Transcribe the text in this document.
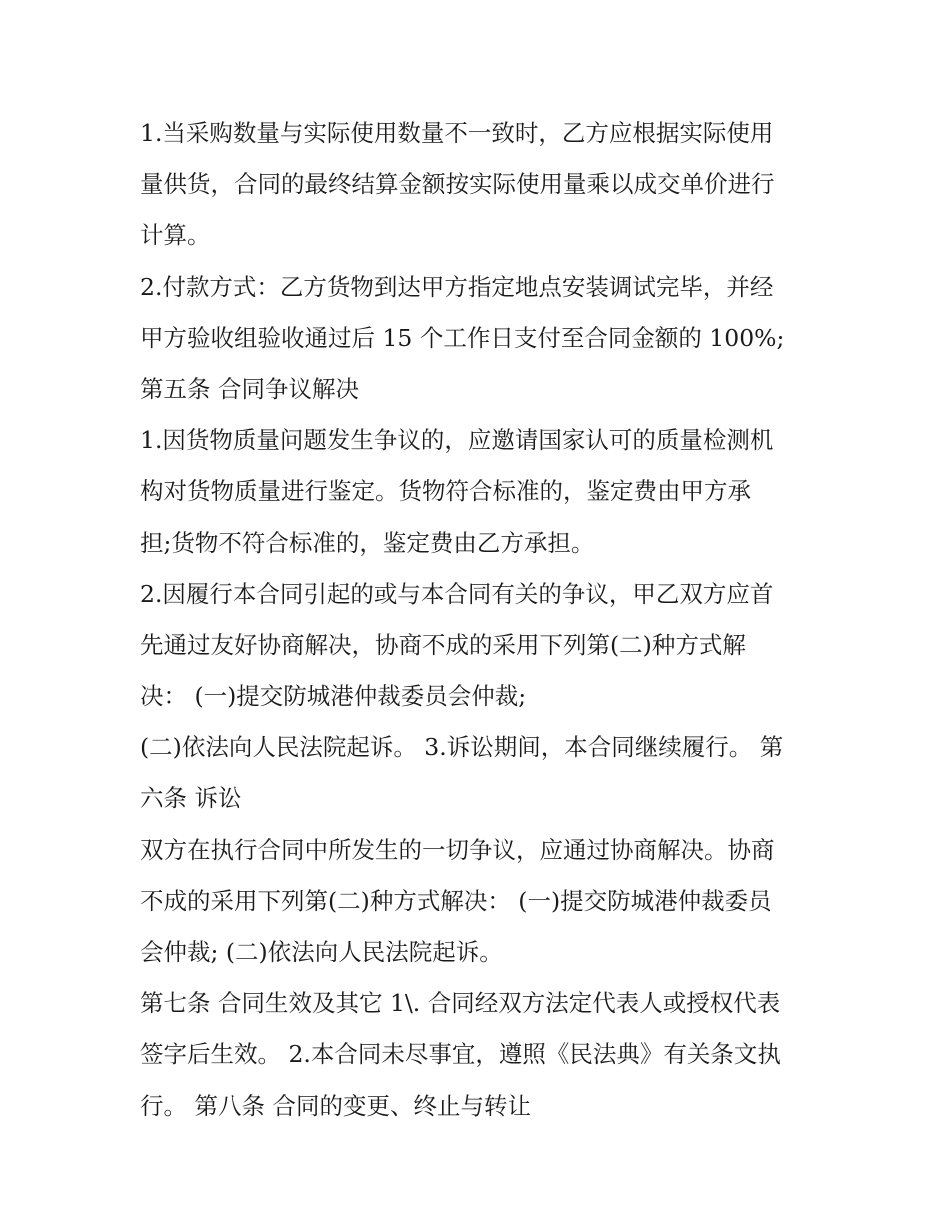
1.当采购数量与实际使用数量不一致时，乙方应根据实际使用

量供货，合同的最终结算金额按实际使用量乘以成交单价进行

计算。

2.付款方式：乙方货物到达甲方指定地点安装调试完毕，并经

甲方验收组验收通过后 15 个工作日支付至合同金额的 100%;

第五条 合同争议解决

1.因货物质量问题发生争议的，应邀请国家认可的质量检测机

构对货物质量进行鉴定。货物符合标准的，鉴定费由甲方承

担;货物不符合标准的，鉴定费由乙方承担。

2.因履行本合同引起的或与本合同有关的争议，甲乙双方应首

先通过友好协商解决，协商不成的采用下列第(二)种方式解

决： (一)提交防城港仲裁委员会仲裁;

(二)依法向人民法院起诉。 3.诉讼期间，本合同继续履行。 第

六条 诉讼

双方在执行合同中所发生的一切争议，应通过协商解决。协商

不成的采用下列第(二)种方式解决： (一)提交防城港仲裁委员

会仲裁; (二)依法向人民法院起诉。

第七条 合同生效及其它 1\. 合同经双方法定代表人或授权代表

签字后生效。 2.本合同未尽事宜，遵照《民法典》有关条文执

行。 第八条 合同的变更、终止与转让
